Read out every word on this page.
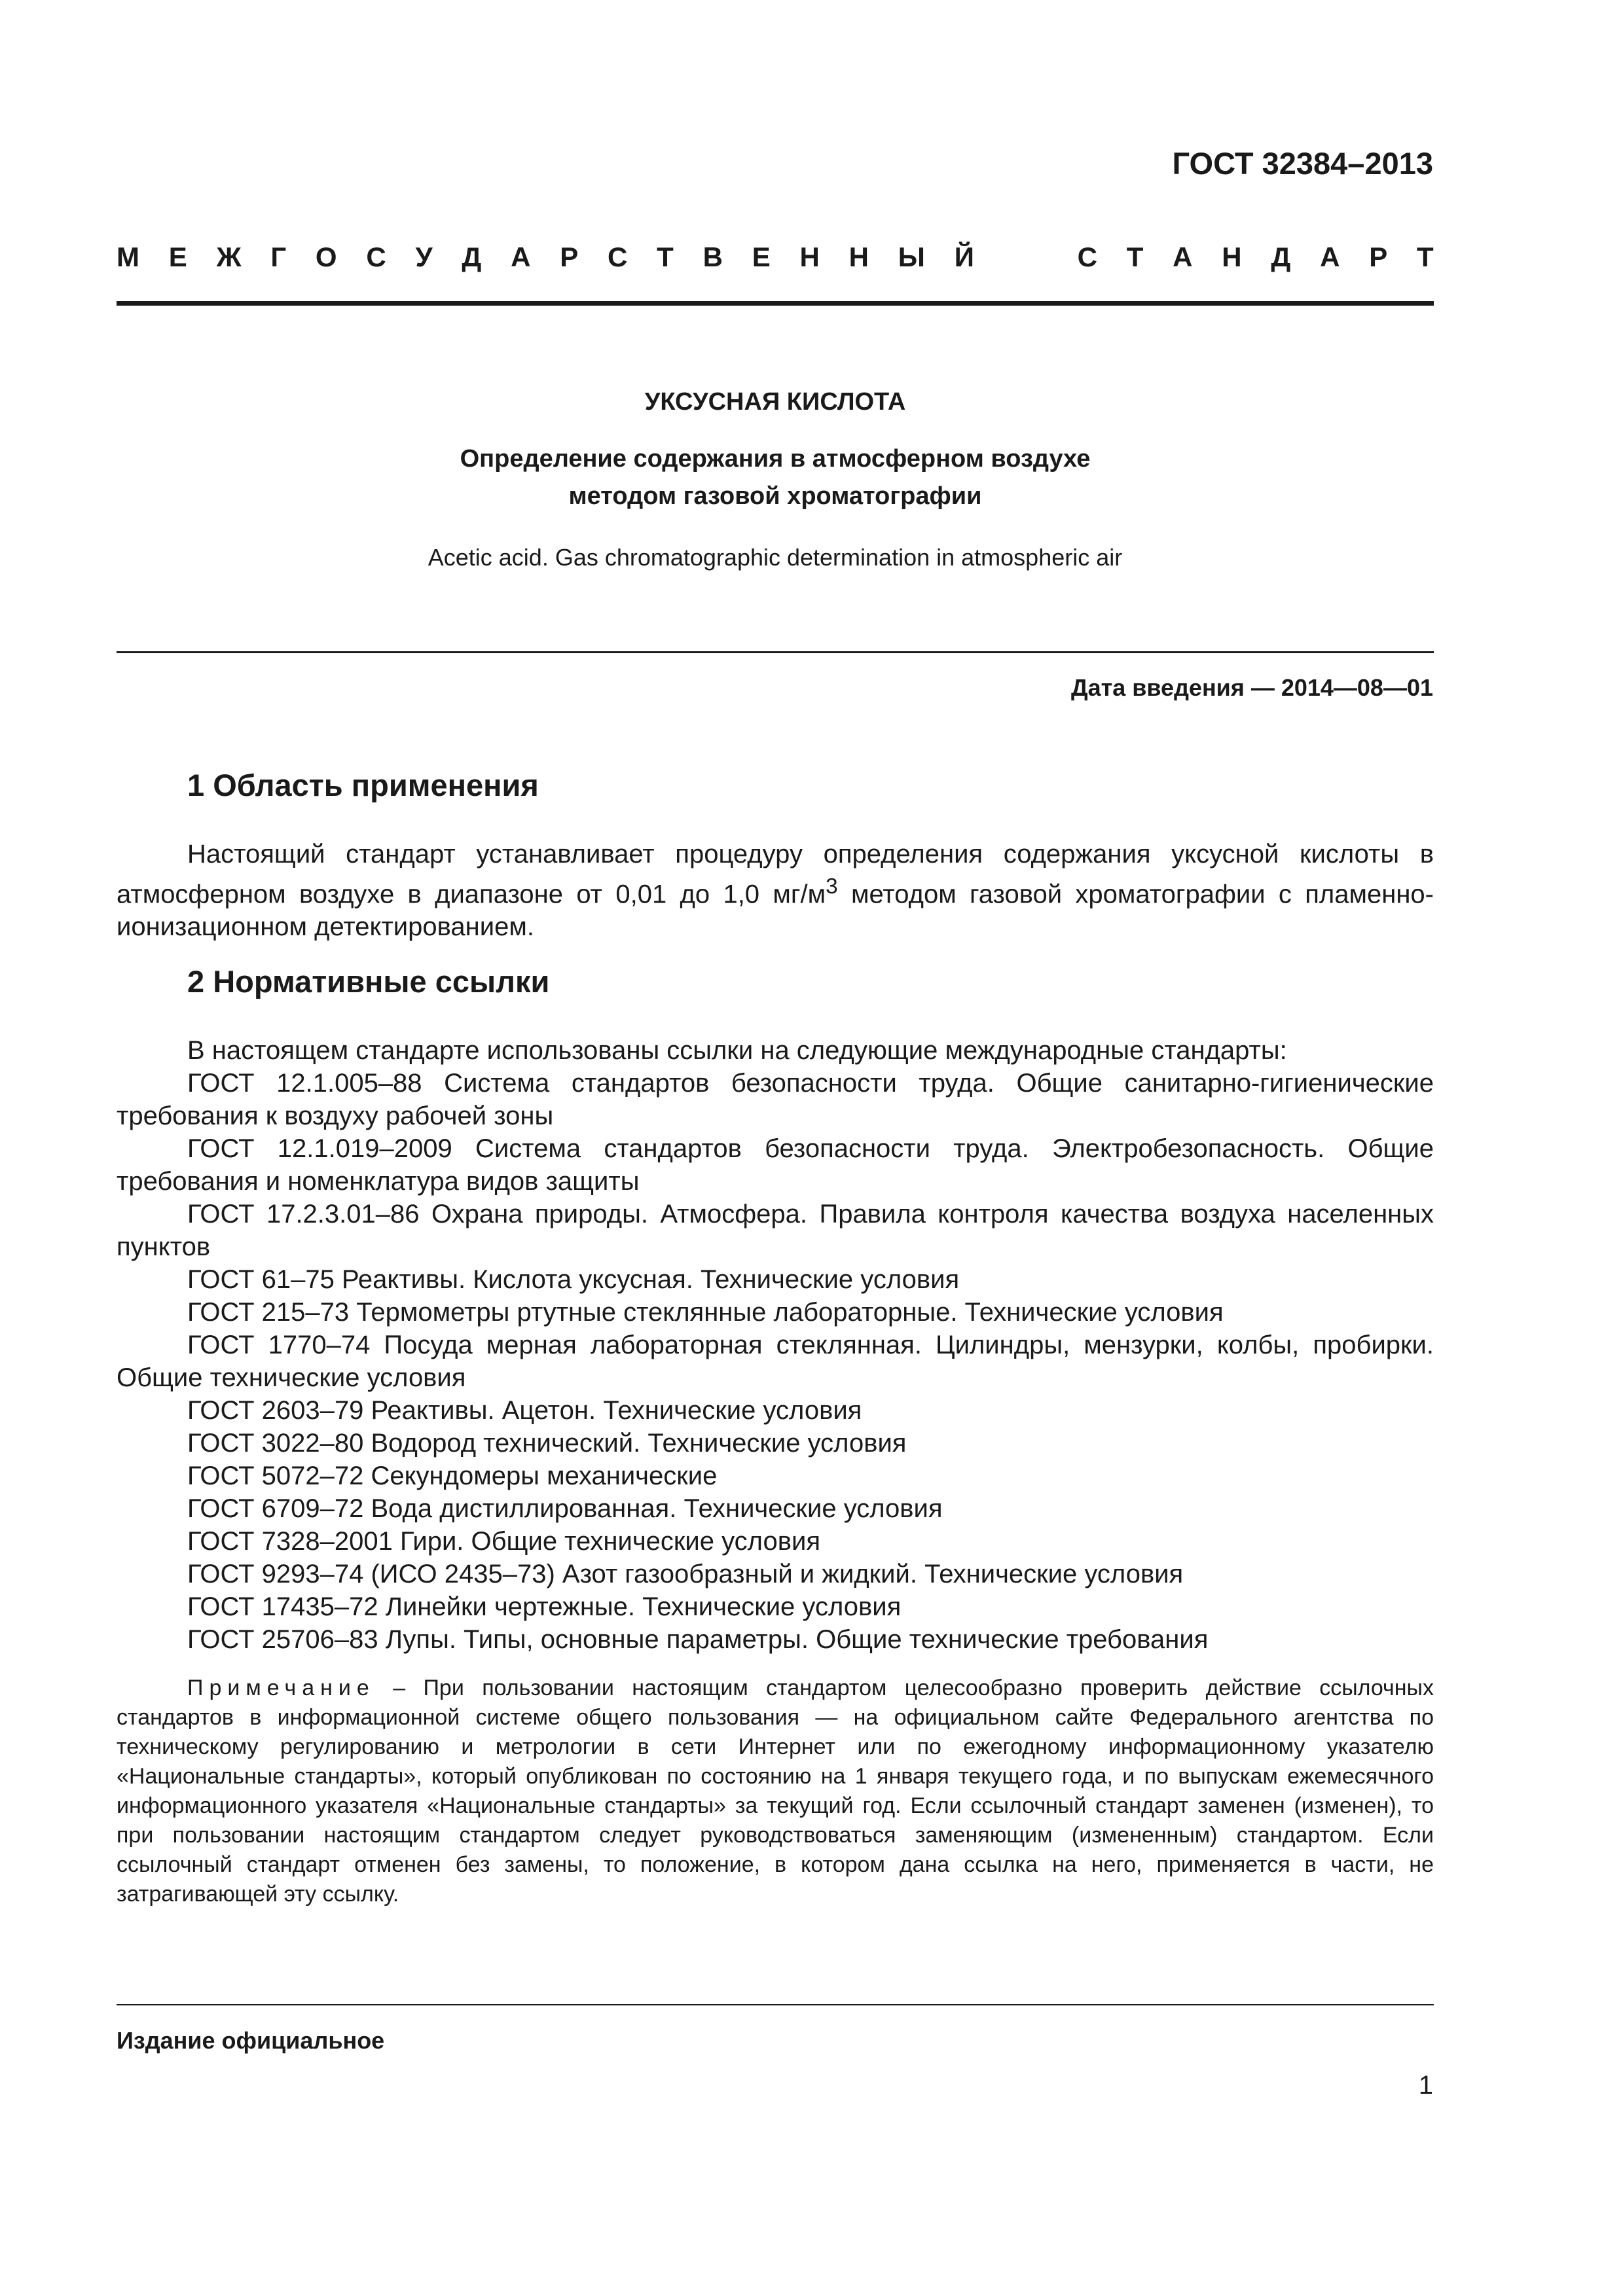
ГОСТ 32384–2013
М Е Ж Г О С У Д А Р С Т В Е Н Н Ы Й

	С Т А Н Д А Р Т
УКСУСНАЯ КИСЛОТА
Определение содержания в атмосферном воздухе
методом газовой хроматографии
Acetic acid. Gas chromatographic determination in atmospheric air
Дата введения — 2014—08—01
1 Область применения
Настоящий стандарт устанавливает процедуру определения содержания уксусной кислоты в атмосферном воздухе в диапазоне от 0,01 до 1,0 $мг/м^3$ методом газовой хроматографии с пламенно-ионизационном детектированием.
2 Нормативные ссылки
В настоящем стандарте использованы ссылки на следующие международные стандарты:
ГОСТ 12.1.005–88 Система стандартов безопасности труда. Общие санитарно-гигиенические требования к воздуху рабочей зоны
ГОСТ 12.1.019–2009 Система стандартов безопасности труда. Электробезопасность. Общие требования и номенклатура видов защиты
ГОСТ 17.2.3.01–86 Охрана природы. Атмосфера. Правила контроля качества воздуха населенных пунктов
ГОСТ 61–75 Реактивы. Кислота уксусная. Технические условия
ГОСТ 215–73 Термометры ртутные стеклянные лабораторные. Технические условия
ГОСТ 1770–74 Посуда мерная лабораторная стеклянная. Цилиндры, мензурки, колбы, пробирки. Общие технические условия
ГОСТ 2603–79 Реактивы. Ацетон. Технические условия
ГОСТ 3022–80 Водород технический. Технические условия
ГОСТ 5072–72 Секундомеры механические
ГОСТ 6709–72 Вода дистиллированная. Технические условия
ГОСТ 7328–2001 Гири. Общие технические условия
ГОСТ 9293–74 (ИСО 2435–73) Азот газообразный и жидкий. Технические условия
ГОСТ 17435–72 Линейки чертежные. Технические условия
ГОСТ 25706–83 Лупы. Типы, основные параметры. Общие технические требования
Примечание – При пользовании настоящим стандартом целесообразно проверить действие ссылочных стандартов в информационной системе общего пользования — на официальном сайте Федерального агентства по техническому регулированию и метрологии в сети Интернет или по ежегодному информационному указателю «Национальные стандарты», который опубликован по состоянию на 1 января текущего года, и по выпускам ежемесячного информационного указателя «Национальные стандарты» за текущий год. Если ссылочный стандарт заменен (изменен), то при пользовании настоящим стандартом следует руководствоваться заменяющим (измененным) стандартом. Если ссылочный стандарт отменен без замены, то положение, в котором дана ссылка на него, применяется в части, не затрагивающей эту ссылку.
Издание официальное
1
